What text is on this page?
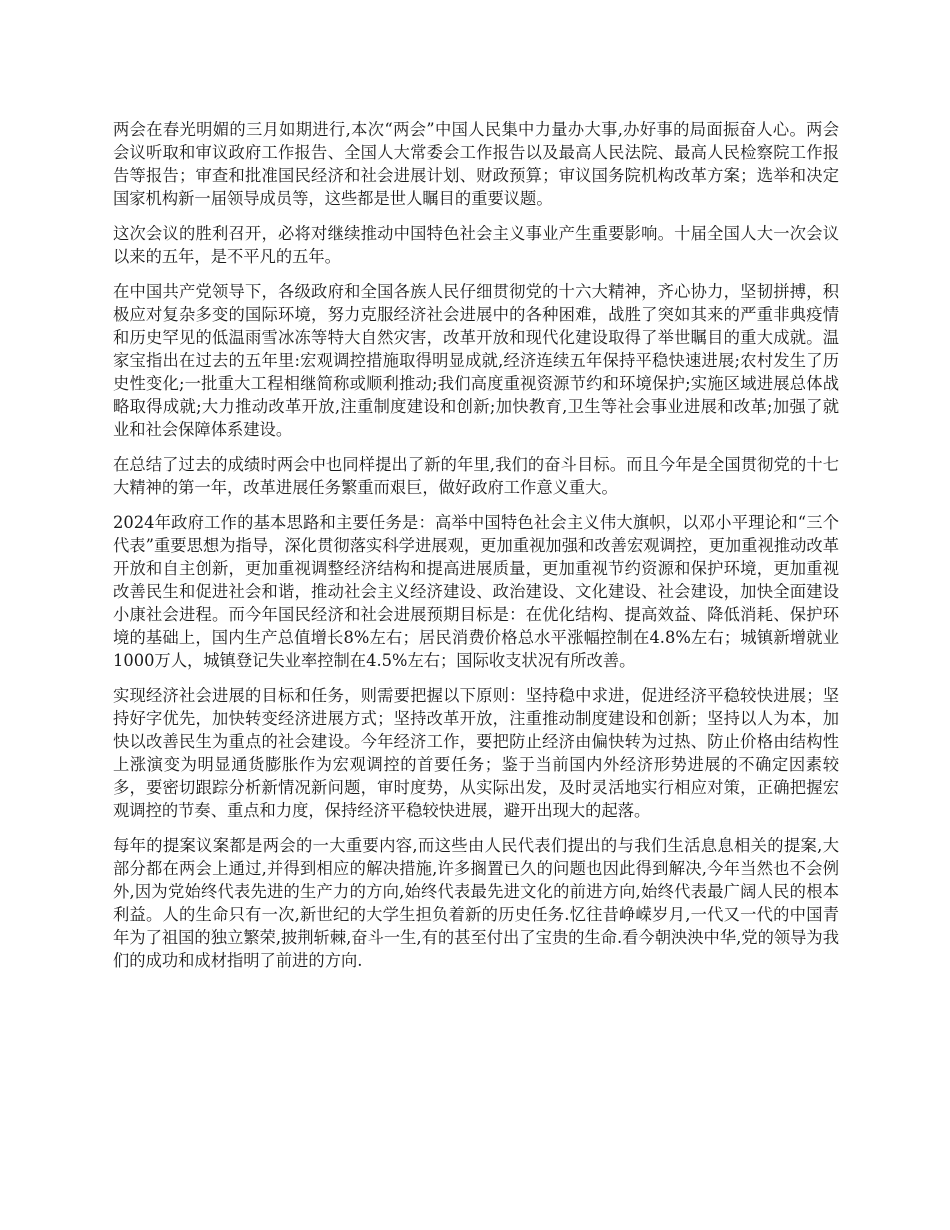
两会在春光明媚的三月如期进行,本次“两会”中国人民集中力量办大事,办好事的局面振奋人心。两会会议听取和审议政府工作报告、全国人大常委会工作报告以及最高人民法院、最高人民检察院工作报告等报告；审查和批准国民经济和社会进展计划、财政预算；审议国务院机构改革方案；选举和决定国家机构新一届领导成员等，这些都是世人瞩目的重要议题。

这次会议的胜利召开，必将对继续推动中国特色社会主义事业产生重要影响。十届全国人大一次会议以来的五年，是不平凡的五年。

在中国共产党领导下，各级政府和全国各族人民仔细贯彻党的十六大精神，齐心协力，坚韧拼搏，积极应对复杂多变的国际环境，努力克服经济社会进展中的各种困难，战胜了突如其来的严重非典疫情和历史罕见的低温雨雪冰冻等特大自然灾害，改革开放和现代化建设取得了举世瞩目的重大成就。温家宝指出在过去的五年里:宏观调控措施取得明显成就,经济连续五年保持平稳快速进展;农村发生了历史性变化;一批重大工程相继简称或顺利推动;我们高度重视资源节约和环境保护;实施区域进展总体战略取得成就;大力推动改革开放,注重制度建设和创新;加快教育,卫生等社会事业进展和改革;加强了就业和社会保障体系建设。

在总结了过去的成绩时两会中也同样提出了新的年里,我们的奋斗目标。而且今年是全国贯彻党的十七大精神的第一年，改革进展任务繁重而艰巨，做好政府工作意义重大。

2024年政府工作的基本思路和主要任务是：高举中国特色社会主义伟大旗帜，以邓小平理论和“三个代表”重要思想为指导，深化贯彻落实科学进展观，更加重视加强和改善宏观调控，更加重视推动改革开放和自主创新，更加重视调整经济结构和提高进展质量，更加重视节约资源和保护环境，更加重视改善民生和促进社会和谐，推动社会主义经济建设、政治建设、文化建设、社会建设，加快全面建设小康社会进程。而今年国民经济和社会进展预期目标是：在优化结构、提高效益、降低消耗、保护环境的基础上，国内生产总值增长8%左右；居民消费价格总水平涨幅控制在4.8%左右；城镇新增就业1000万人，城镇登记失业率控制在4.5%左右；国际收支状况有所改善。

实现经济社会进展的目标和任务，则需要把握以下原则：坚持稳中求进，促进经济平稳较快进展；坚持好字优先，加快转变经济进展方式；坚持改革开放，注重推动制度建设和创新；坚持以人为本，加快以改善民生为重点的社会建设。今年经济工作，要把防止经济由偏快转为过热、防止价格由结构性上涨演变为明显通货膨胀作为宏观调控的首要任务；鉴于当前国内外经济形势进展的不确定因素较多，要密切跟踪分析新情况新问题，审时度势，从实际出发，及时灵活地实行相应对策，正确把握宏观调控的节奏、重点和力度，保持经济平稳较快进展，避开出现大的起落。

每年的提案议案都是两会的一大重要内容,而这些由人民代表们提出的与我们生活息息相关的提案,大部分都在两会上通过,并得到相应的解决措施,许多搁置已久的问题也因此得到解决,今年当然也不会例外,因为党始终代表先进的生产力的方向,始终代表最先进文化的前进方向,始终代表最广阔人民的根本利益。人的生命只有一次,新世纪的大学生担负着新的历史任务.忆往昔峥嵘岁月,一代又一代的中国青年为了祖国的独立繁荣,披荆斩棘,奋斗一生,有的甚至付出了宝贵的生命.看今朝泱泱中华,党的领导为我们的成功和成材指明了前进的方向.
